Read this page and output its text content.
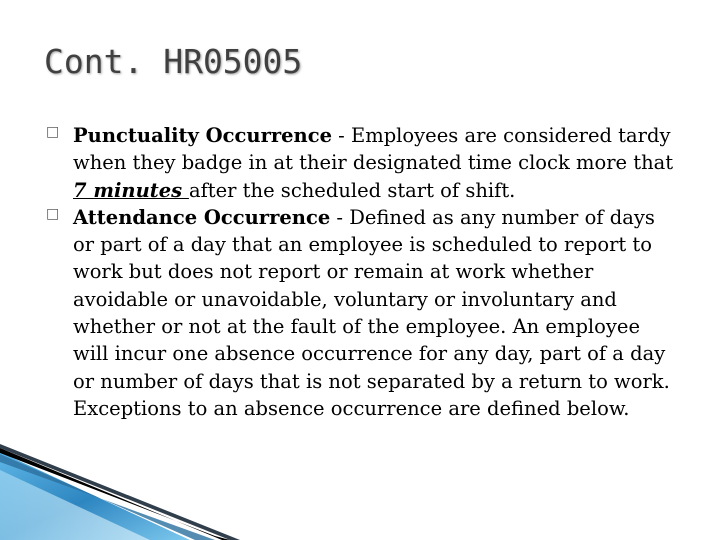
Cont. HR05005

□ Punctuality Occurrence - Employees are considered tardy when they badge in at their designated time clock more that 7 minutes after the scheduled start of shift.

□ Attendance Occurrence - Defined as any number of days or part of a day that an employee is scheduled to report to work but does not report or remain at work whether avoidable or unavoidable, voluntary or involuntary and whether or not at the fault of the employee. An employee will incur one absence occurrence for any day, part of a day or number of days that is not separated by a return to work. Exceptions to an absence occurrence are defined below.
